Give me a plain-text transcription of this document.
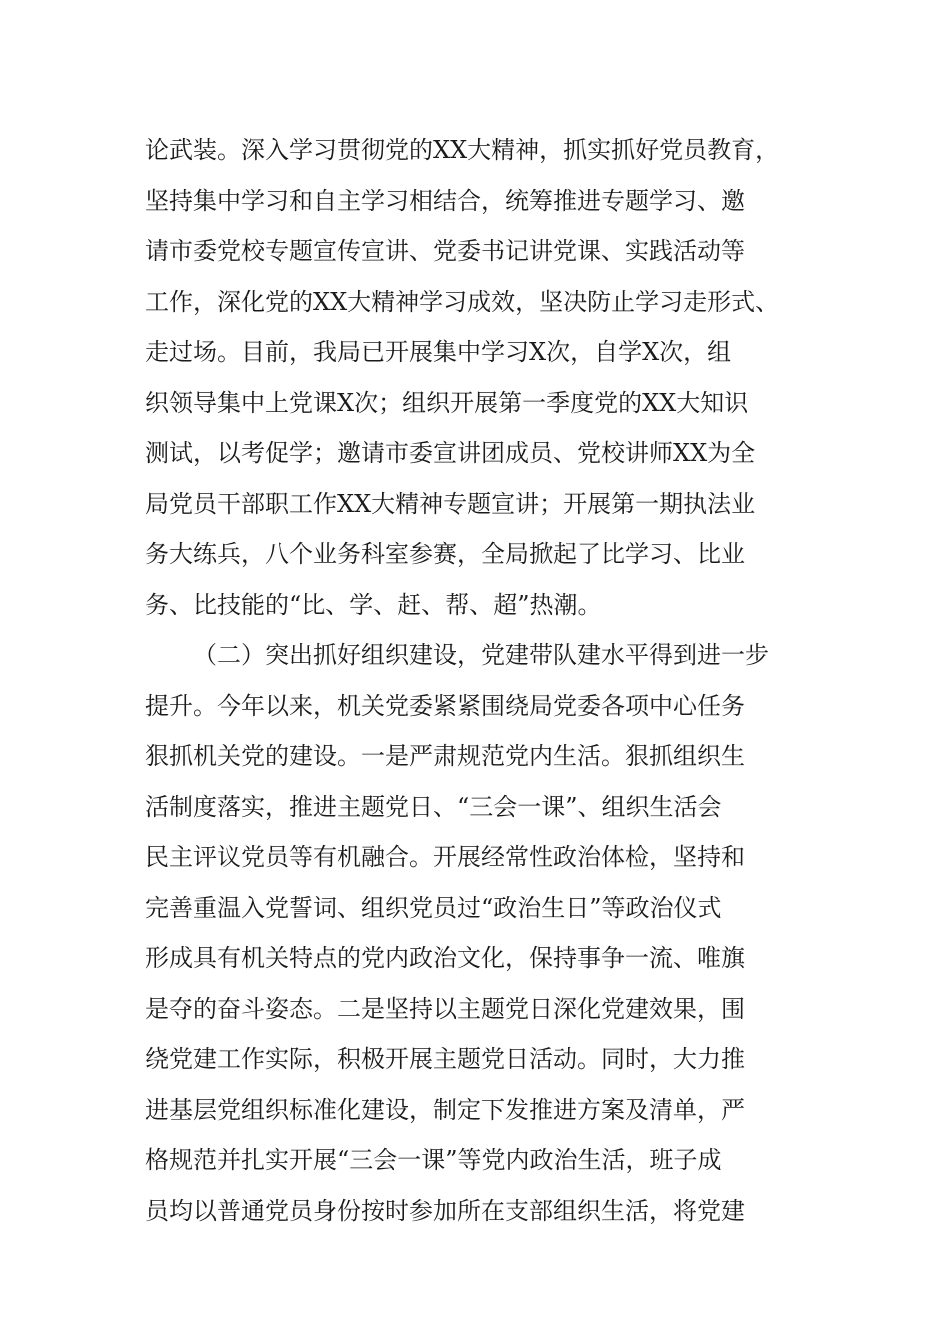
论武装。深入学习贯彻党的XX大精神，抓实抓好党员教育，
坚持集中学习和自主学习相结合，统筹推进专题学习、邀
请市委党校专题宣传宣讲、党委书记讲党课、实践活动等
工作，深化党的XX大精神学习成效，坚决防止学习走形式、
走过场。目前，我局已开展集中学习X次，自学X次，组
织领导集中上党课X次；组织开展第一季度党的XX大知识
测试，以考促学；邀请市委宣讲团成员、党校讲师XX为全
局党员干部职工作XX大精神专题宣讲；开展第一期执法业
务大练兵，八个业务科室参赛，全局掀起了比学习、比业
务、比技能的“比、学、赶、帮、超”热潮。
（二）突出抓好组织建设，党建带队建水平得到进一步
提升。今年以来，机关党委紧紧围绕局党委各项中心任务
狠抓机关党的建设。一是严肃规范党内生活。狠抓组织生
活制度落实，推进主题党日、“三会一课”、组织生活会
民主评议党员等有机融合。开展经常性政治体检，坚持和
完善重温入党誓词、组织党员过“政治生日”等政治仪式
形成具有机关特点的党内政治文化，保持事争一流、唯旗
是夺的奋斗姿态。二是坚持以主题党日深化党建效果，围
绕党建工作实际，积极开展主题党日活动。同时，大力推
进基层党组织标准化建设，制定下发推进方案及清单，严
格规范并扎实开展“三会一课”等党内政治生活，班子成
员均以普通党员身份按时参加所在支部组织生活，将党建
